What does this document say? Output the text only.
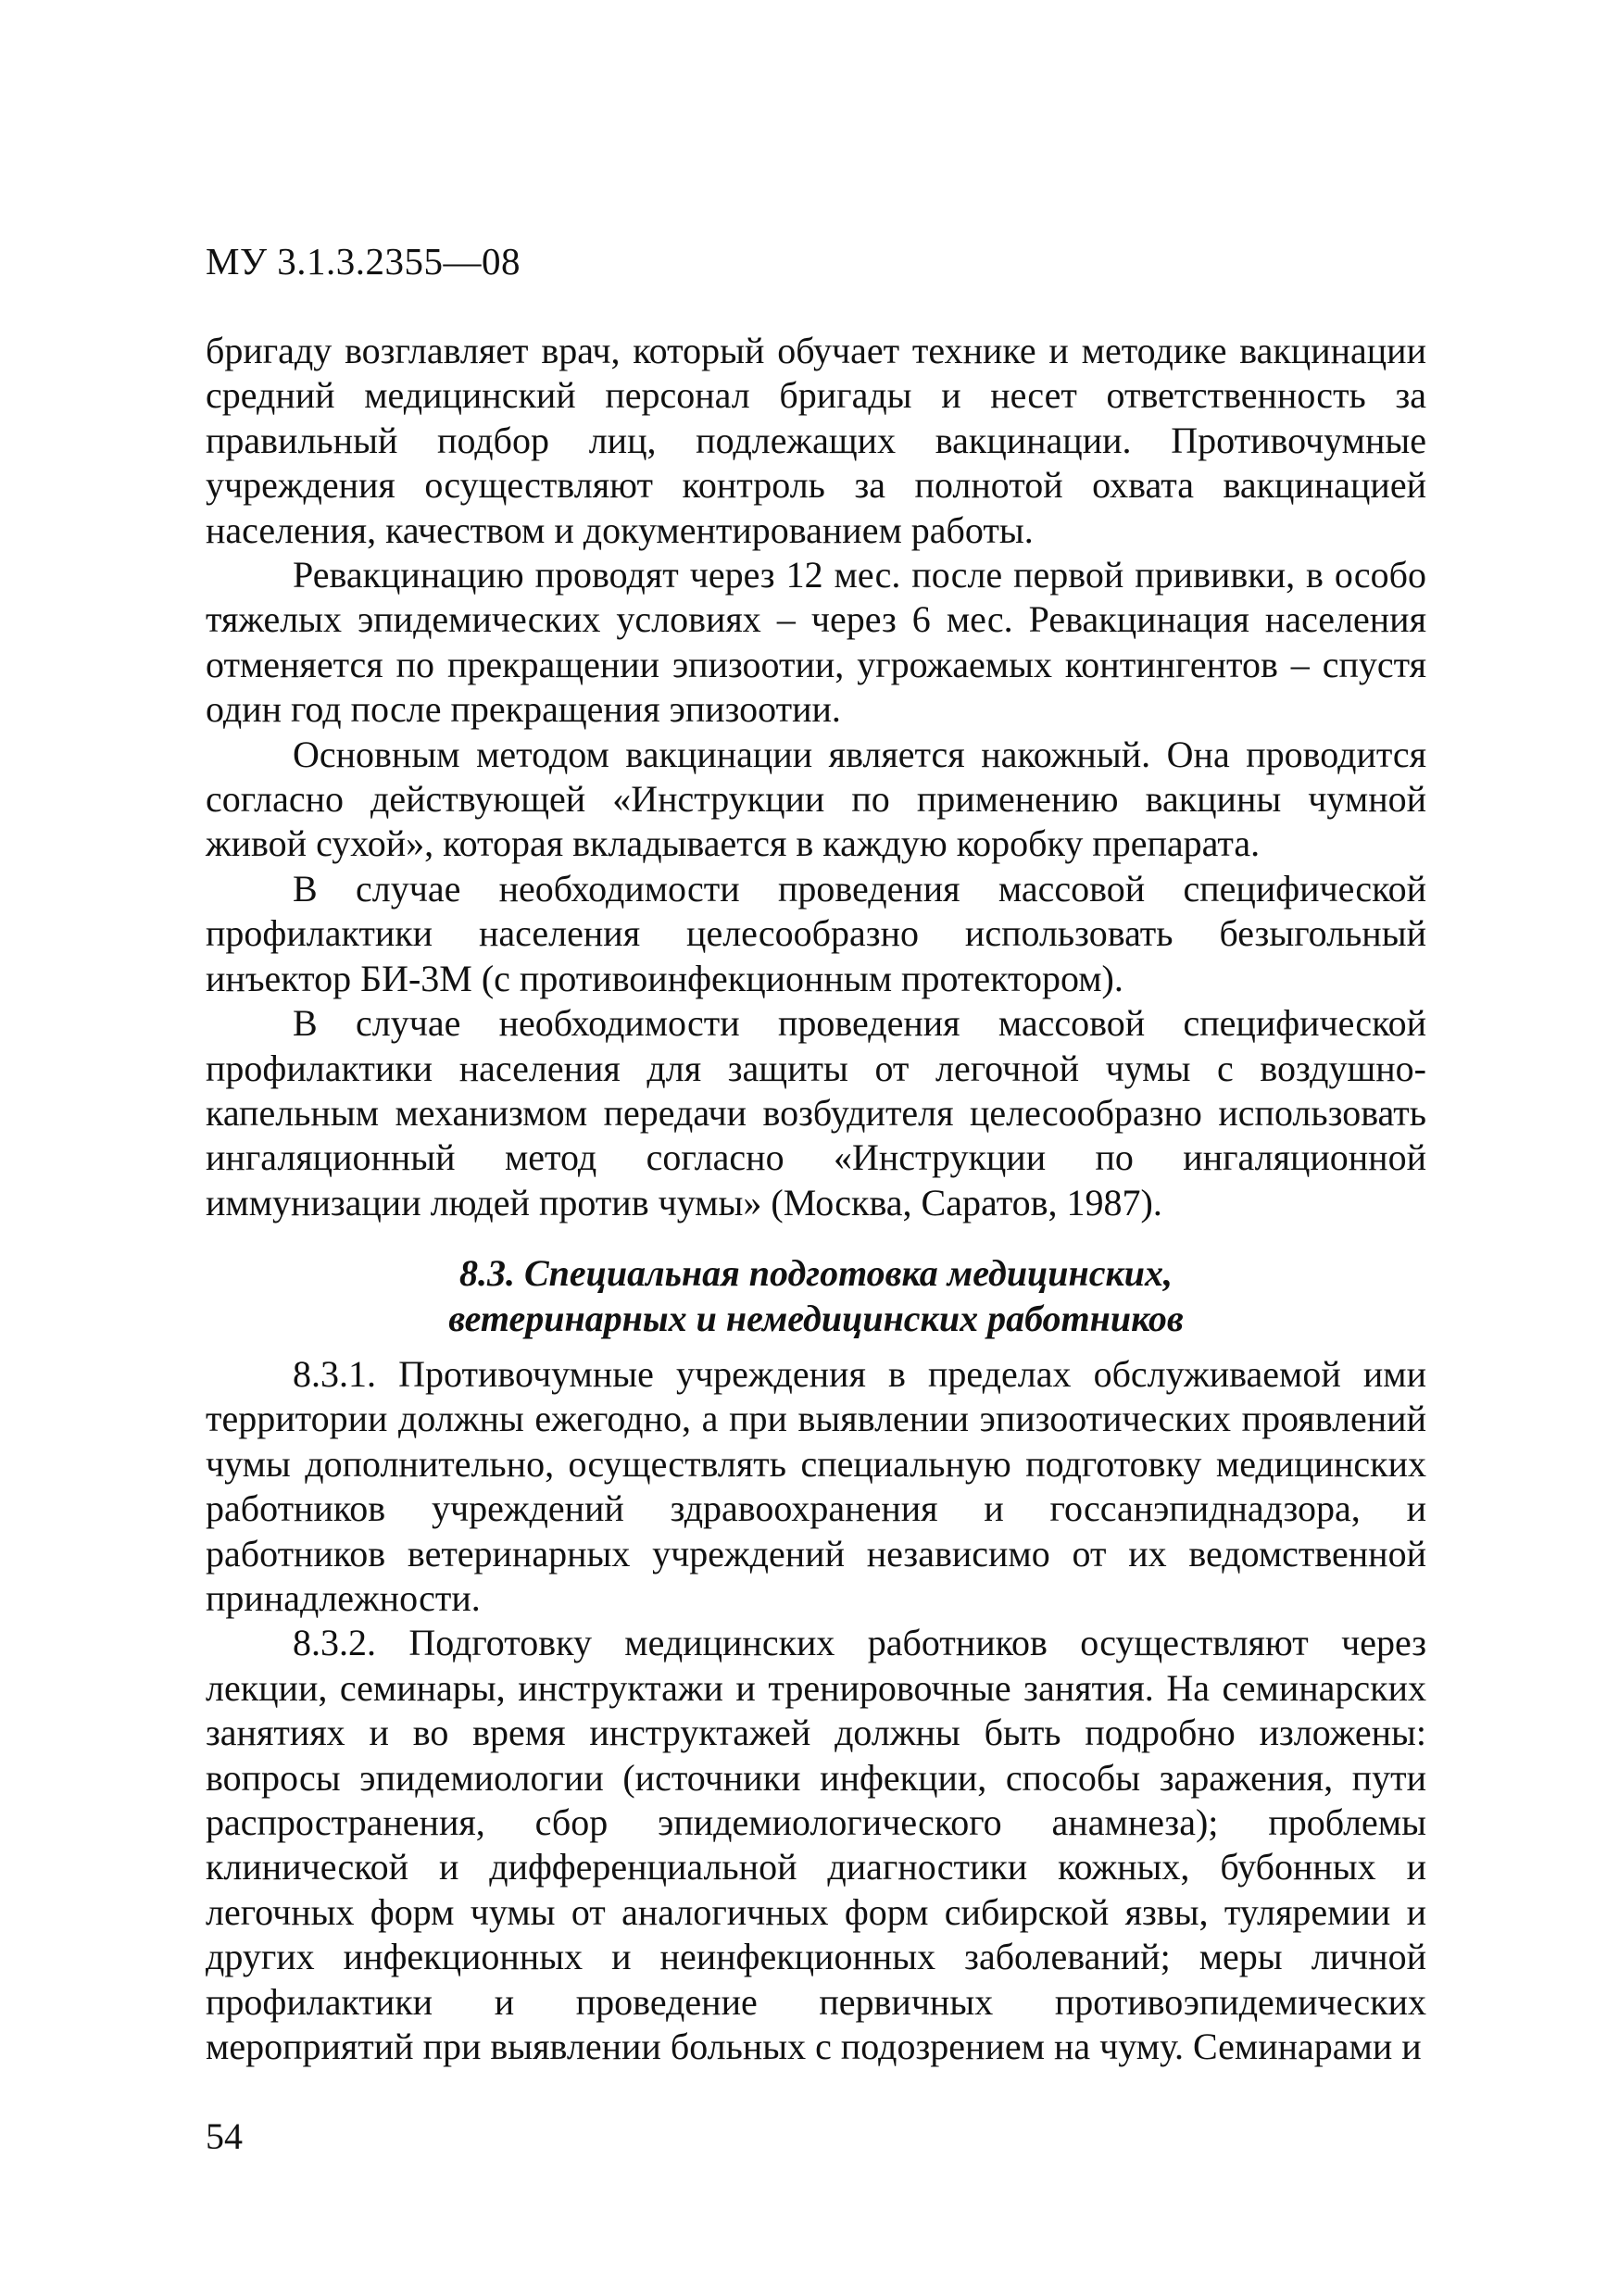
МУ 3.1.3.2355—08

бригаду возглавляет врач, который обучает технике и методике вакцинации средний медицинский персонал бригады и несет ответственность за правильный подбор лиц, подлежащих вакцинации. Противочумные учреждения осуществляют контроль за полнотой охвата вакцинацией населения, качеством и документированием работы.

Ревакцинацию проводят через 12 мес. после первой прививки, в особо тяжелых эпидемических условиях – через 6 мес. Ревакцинация населения отменяется по прекращении эпизоотии, угрожаемых контингентов – спустя один год после прекращения эпизоотии.

Основным методом вакцинации является накожный. Она проводится согласно действующей «Инструкции по применению вакцины чумной живой сухой», которая вкладывается в каждую коробку препарата.

В случае необходимости проведения массовой специфической профилактики населения целесообразно использовать безыгольный инъектор БИ-3М (с противоинфекционным протектором).

В случае необходимости проведения массовой специфической профилактики населения для защиты от легочной чумы с воздушно-капельным механизмом передачи возбудителя целесообразно использовать ингаляционный метод согласно «Инструкции по ингаляционной иммунизации людей против чумы» (Москва, Саратов, 1987).

8.3. Специальная подготовка медицинских,
ветеринарных и немедицинских работников

8.3.1. Противочумные учреждения в пределах обслуживаемой ими территории должны ежегодно, а при выявлении эпизоотических проявлений чумы дополнительно, осуществлять специальную подготовку медицинских работников учреждений здравоохранения и госсанэпиднадзора, и работников ветеринарных учреждений независимо от их ведомственной принадлежности.

8.3.2. Подготовку медицинских работников осуществляют через лекции, семинары, инструктажи и тренировочные занятия. На семинарских занятиях и во время инструктажей должны быть подробно изложены: вопросы эпидемиологии (источники инфекции, способы заражения, пути распространения, сбор эпидемиологического анамнеза); проблемы клинической и дифференциальной диагностики кожных, бубонных и легочных форм чумы от аналогичных форм сибирской язвы, туляремии и других инфекционных и неинфекционных заболеваний; меры личной профилактики и проведение первичных противоэпидемических мероприятий при выявлении больных с подозрением на чуму. Семинарами и

54
